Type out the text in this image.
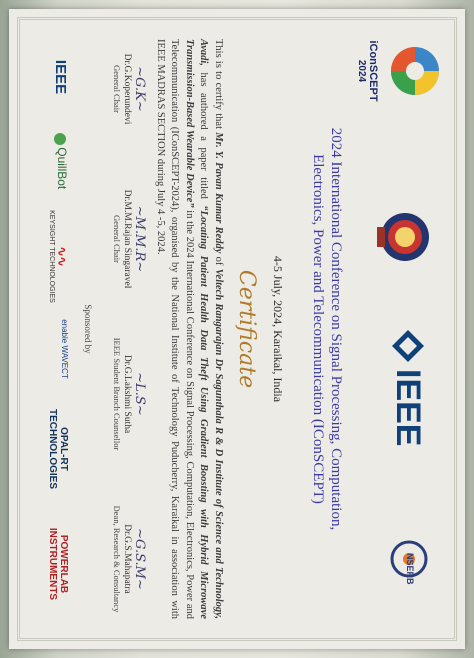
iConSCEPT
2024
IEEE
NSERB
2024 International Conference on Signal Processing, Computation,
Electronics, Power and Telecommunication (IConSCEPT)
4-5 July, 2024, Karaikal, India
Certificate
This is to certify that Mr. Y. Pavan Kumar Reddy of Veltech Rangarajan Dr Sagunthala R & D Institute of Science and Technology, Avadi, has authored a paper titled “Locating Patient Health Data Theft Using Gradient Boosting with Hybrid Microwave Transmission-Based Wearable Device” in the 2024 International Conference on Signal Processing, Computation, Electronics, Power and Telecommunication (IConSCEPT-2024), organised by the National Institute of Technology Puducherry, Karaikal in association with IEEE MADRAS SECTION during July 4 -5, 2024.
~G.K~
Dr.G.Koperundevi
General Chair
~M.M.R~
Dr.M.M.Rajan Singaravel
General Chair
~L.S~
Dr.G.Lakshmi Sutha
IEEE Student Branch Counsellor
~G.S.M~
Dr.G.S.Mahapatra
Dean, Research & Consultancy
Sponsored by
IEEE
QuillBot
∿∿
KEYSIGHT TECHNOLOGIES
enable WAVECT
OPAL-RT TECHNOLOGIES
POWERLAB INSTRUMENTS
